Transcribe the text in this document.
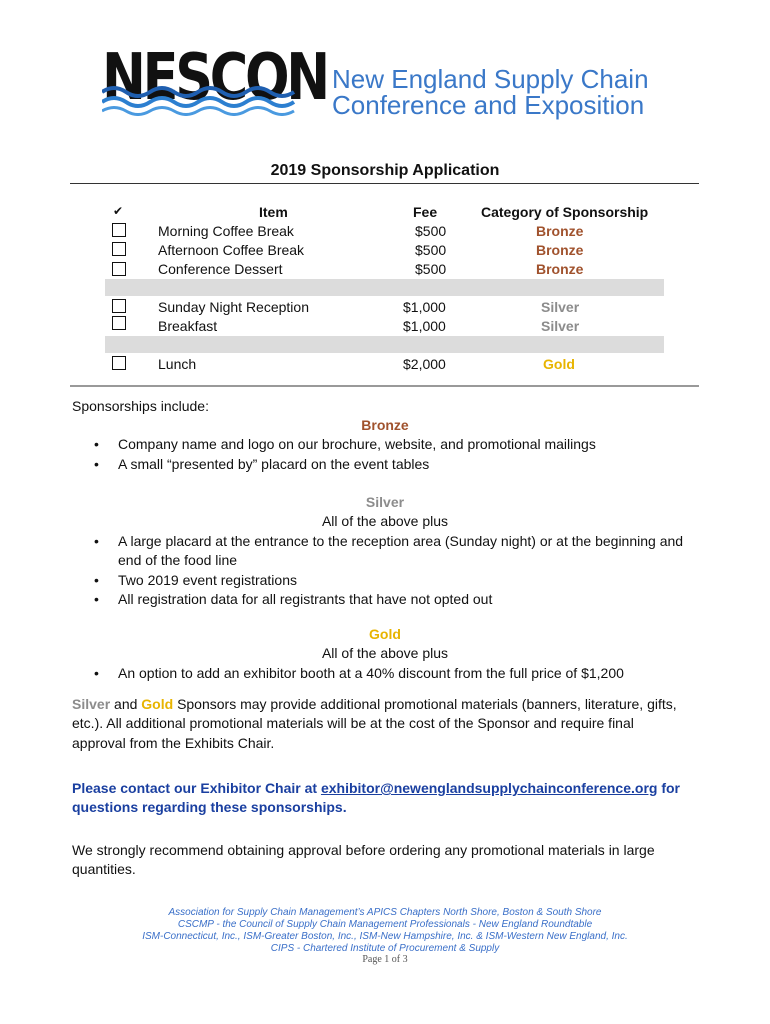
NESCON New England Supply Chain
Conference and Exposition
2019 Sponsorship Application
✔	Item	Fee	Category of Sponsorship
Morning Coffee Break	$500	Bronze
Afternoon Coffee Break	$500	Bronze
Conference Dessert	$500	Bronze
Sunday Night Reception	$1,000	Silver
Breakfast	$1,000	Silver
Lunch	$2,000	Gold
Sponsorships include:
Bronze
• Company name and logo on our brochure, website, and promotional mailings
• A small “presented by” placard on the event tables
Silver
All of the above plus
• A large placard at the entrance to the reception area (Sunday night) or at the beginning and
end of the food line
• Two 2019 event registrations
• All registration data for all registrants that have not opted out
Gold
All of the above plus
• An option to add an exhibitor booth at a 40% discount from the full price of $1,200
Silver and Gold Sponsors may provide additional promotional materials (banners, literature, gifts,
etc.). All additional promotional materials will be at the cost of the Sponsor and require final
approval from the Exhibits Chair.
Please contact our Exhibitor Chair at exhibitor@newenglandsupplychainconference.org for
questions regarding these sponsorships.
We strongly recommend obtaining approval before ordering any promotional materials in large
quantities.
Association for Supply Chain Management’s APICS Chapters North Shore, Boston & South Shore
CSCMP - the Council of Supply Chain Management Professionals - New England Roundtable
ISM-Connecticut, Inc., ISM-Greater Boston, Inc., ISM-New Hampshire, Inc. & ISM-Western New England, Inc.
CIPS - Chartered Institute of Procurement & Supply
Page 1 of 3
